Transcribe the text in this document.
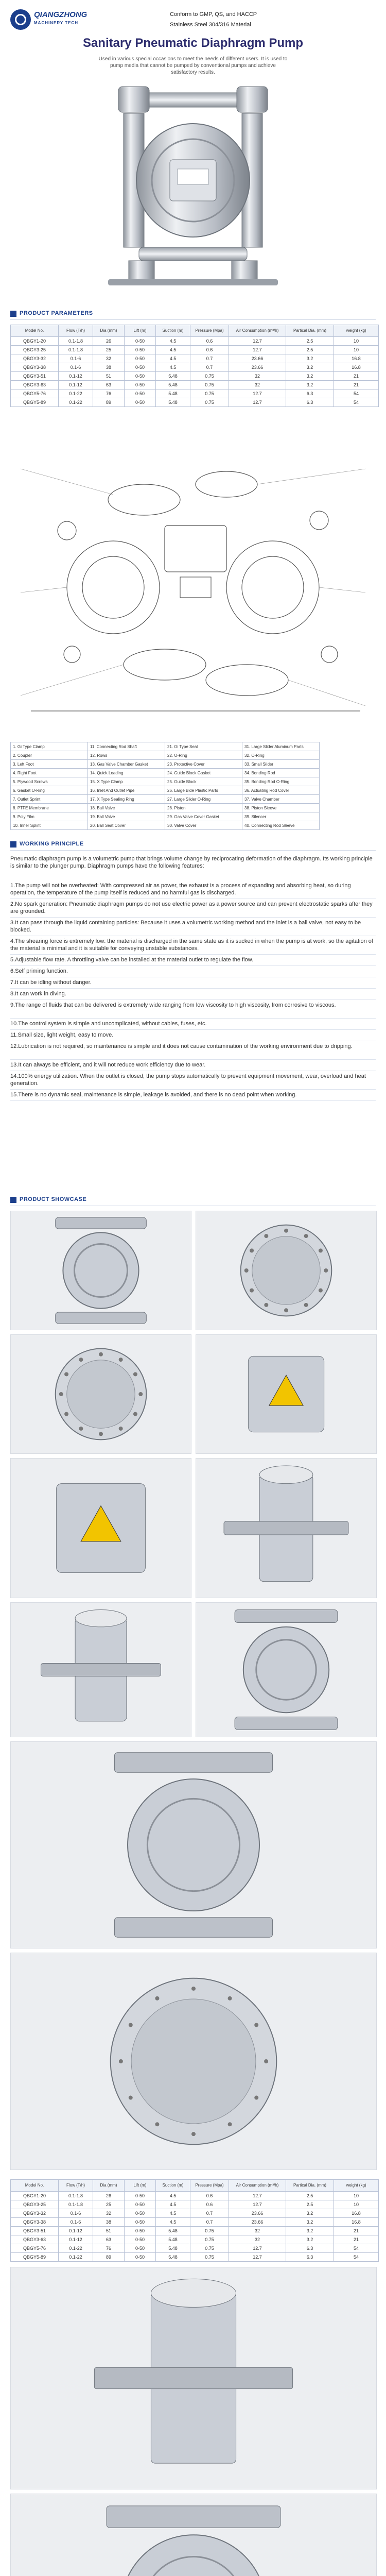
QIANGZHONG
MACHINERY TECH
Conform to GMP, QS, and HACCP
Stainless Steel 304/316 Material
Sanitary Pneumatic Diaphragm Pump
Used in various special occasions to meet the needs of different users. It is used to pump media that cannot be pumped by conventional pumps and achieve satisfactory results.
PRODUCT PARAMETERS
Model No.	Flow (T/h)	Dia (mm)	Lift (m)	Suction (m)	Pressure (Mpa)	Air Consumption (m³/h)	Partical Dia. (mm)	weight (kg)
QBGY1-20	0.1-1.8	26	0-50	4.5	0.6	12.7	2.5	10
QBGY3-25	0.1-1.8	25	0-50	4.5	0.6	12.7	2.5	10
QBGY3-32	0.1-6	32	0-50	4.5	0.7	23.66	3.2	16.8
QBGY3-38	0.1-6	38	0-50	4.5	0.7	23.66	3.2	16.8
QBGY3-51	0.1-12	51	0-50	5.48	0.75	32	3.2	21
QBGY3-63	0.1-12	63	0-50	5.48	0.75	32	3.2	21
QBGY5-76	0.1-22	76	0-50	5.48	0.75	12.7	6.3	54
QBGY5-89	0.1-22	89	0-50	5.48	0.75	12.7	6.3	54
1. Gi Type Clamp	11. Connecting Rod Shaft	21. Gi Type Seal	31. Large Slider Aluminum Parts
2. Coupler	12. Rows	22. O-Ring	32. O-Ring
3. Left Foot	13. Gas Valve Chamber Gasket	23. Protective Cover	33. Small Slider
4. Right Foot	14. Quick Loading	24. Guide Block Gasket	34. Bonding Rod
5. Plywood Screws	15. X Type Clamp	25. Guide Block	35. Bonding Rod O-Ring
6. Gasket O-Ring	16. Inlet And Outlet Pipe	26. Large Bide Plastic Parts	36. Actuating Rod Cover
7. Outlet Sprint	17. X Type Sealing Ring	27. Large Slider O-Ring	37. Valve Chamber
8. PTFE Membrane	18. Ball Valve	28. Piston	38. Piston Sleeve
9. Poly Film	19. Ball Valve	29. Gas Valve Cover Gasket	39. Silencer
10. Inner Splint	20. Ball Seat Cover	30. Valve Cover	40. Connecting Rod Sleeve
WORKING PRINCIPLE
Pneumatic diaphragm pump is a volumetric pump that brings volume change by reciprocating deformation of the diaphragm. Its working principle is similar to the plunger pump. Diaphragm pumps have the following features:
1.The pump will not be overheated: With compressed air as power, the exhaust is a process of expanding and absorbing heat, so during operation, the temperature of the pump itself is reduced and no harmful gas is discharged.
2.No spark generation: Pneumatic diaphragm pumps do not use electric power as a power source and can prevent electrostatic sparks after they are grounded.
3.It can pass through the liquid containing particles: Because it uses a volumetric working method and the inlet is a ball valve, not easy to be blocked.
4.The shearing force is extremely low: the material is discharged in the same state as it is sucked in when the pump is at work, so the agitation of the material is minimal and it is suitable for conveying unstable substances.
5.Adjustable flow rate. A throttling valve can be installed at the material outlet to regulate the flow.
6.Self priming function.
7.It can be idling without danger.
8.It can work in diving.
9.The range of fluids that can be delivered is extremely wide ranging from low viscosity to high viscosity, from corrosive to viscous.
10.The control system is simple and uncomplicated, without cables, fuses, etc.
11.Small size, light weight, easy to move.
12.Lubrication is not required, so maintenance is simple and it does not cause contamination of the working environment due to dripping.
13.It can always be efficient, and it will not reduce work efficiency due to wear.
14.100% energy utilization. When the outlet is closed, the pump stops automatically to prevent equipment movement, wear, overload and heat generation.
15.There is no dynamic seal, maintenance is simple, leakage is avoided, and there is no dead point when working.
PRODUCT SHOWCASE
Model No.	Flow (T/h)	Dia (mm)	Lift (m)	Suction (m)	Pressure (Mpa)	Air Consumption (m³/h)	Partical Dia. (mm)	weight (kg)
QBGY1-20	0.1-1.8	26	0-50	4.5	0.6	12.7	2.5	10
QBGY3-25	0.1-1.8	25	0-50	4.5	0.6	12.7	2.5	10
QBGY3-32	0.1-6	32	0-50	4.5	0.7	23.66	3.2	16.8
QBGY3-38	0.1-6	38	0-50	4.5	0.7	23.66	3.2	16.8
QBGY3-51	0.1-12	51	0-50	5.48	0.75	32	3.2	21
QBGY3-63	0.1-12	63	0-50	5.48	0.75	32	3.2	21
QBGY5-76	0.1-22	76	0-50	5.48	0.75	12.7	6.3	54
QBGY5-89	0.1-22	89	0-50	5.48	0.75	12.7	6.3	54
